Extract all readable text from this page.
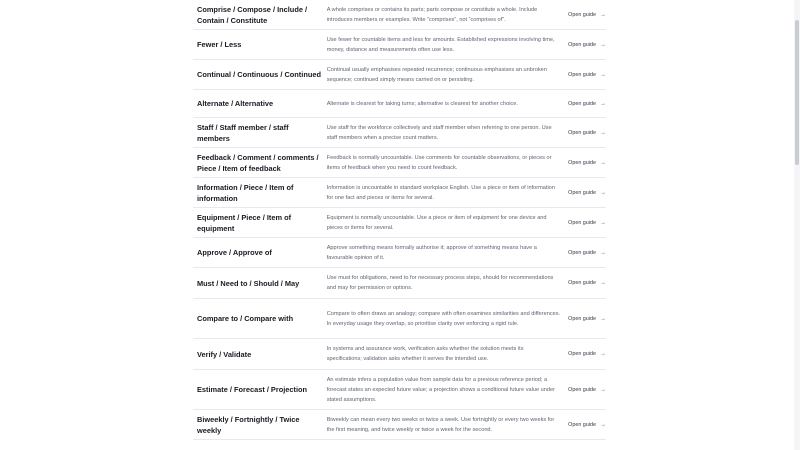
Comprise / Compose / Include / Contain / Constitute
A whole comprises or contains its parts; parts compose or constitute a whole. Include introduces members or examples. Write “comprises”, not “comprises of”.
Open guide →
Fewer / Less
Use fewer for countable items and less for amounts. Established expressions involving time, money, distance and measurements often use less.
Open guide →
Continual / Continuous / Continued
Continual usually emphasises repeated recurrence; continuous emphasises an unbroken sequence; continued simply means carried on or persisting.
Open guide →
Alternate / Alternative	Alternate is clearest for taking turns; alternative is clearest for another choice.	Open guide →
Staff / Staff member / staff members
Use staff for the workforce collectively and staff member when referring to one person. Use staff members when a precise count matters.
Open guide →
Feedback / Comment / comments / Piece / Item of feedback
Feedback is normally uncountable. Use comments for countable observations, or pieces or items of feedback when you need to count feedback.
Open guide →
Information / Piece / Item of information
Information is uncountable in standard workplace English. Use a piece or item of information for one fact and pieces or items for several.
Open guide →
Equipment / Piece / Item of equipment
Equipment is normally uncountable. Use a piece or item of equipment for one device and pieces or items for several.
Open guide →
Approve / Approve of
Approve something means formally authorise it; approve of something means have a favourable opinion of it.
Open guide →
Must / Need to / Should / May
Use must for obligations, need to for necessary process steps, should for recommendations and may for permission or options.
Open guide →
Compare to / Compare with
Compare to often draws an analogy; compare with often examines similarities and differences. In everyday usage they overlap, so prioritise clarity over enforcing a rigid rule.
Open guide →
Verify / Validate
In systems and assurance work, verification asks whether the solution meets its specifications; validation asks whether it serves the intended use.
Open guide →
Estimate / Forecast / Projection
An estimate infers a population value from sample data for a previous reference period; a forecast states an expected future value; a projection shows a conditional future value under stated assumptions.
Open guide →
Biweekly / Fortnightly / Twice weekly
Biweekly can mean every two weeks or twice a week. Use fortnightly or every two weeks for the first meaning, and twice weekly or twice a week for the second.
Open guide →
